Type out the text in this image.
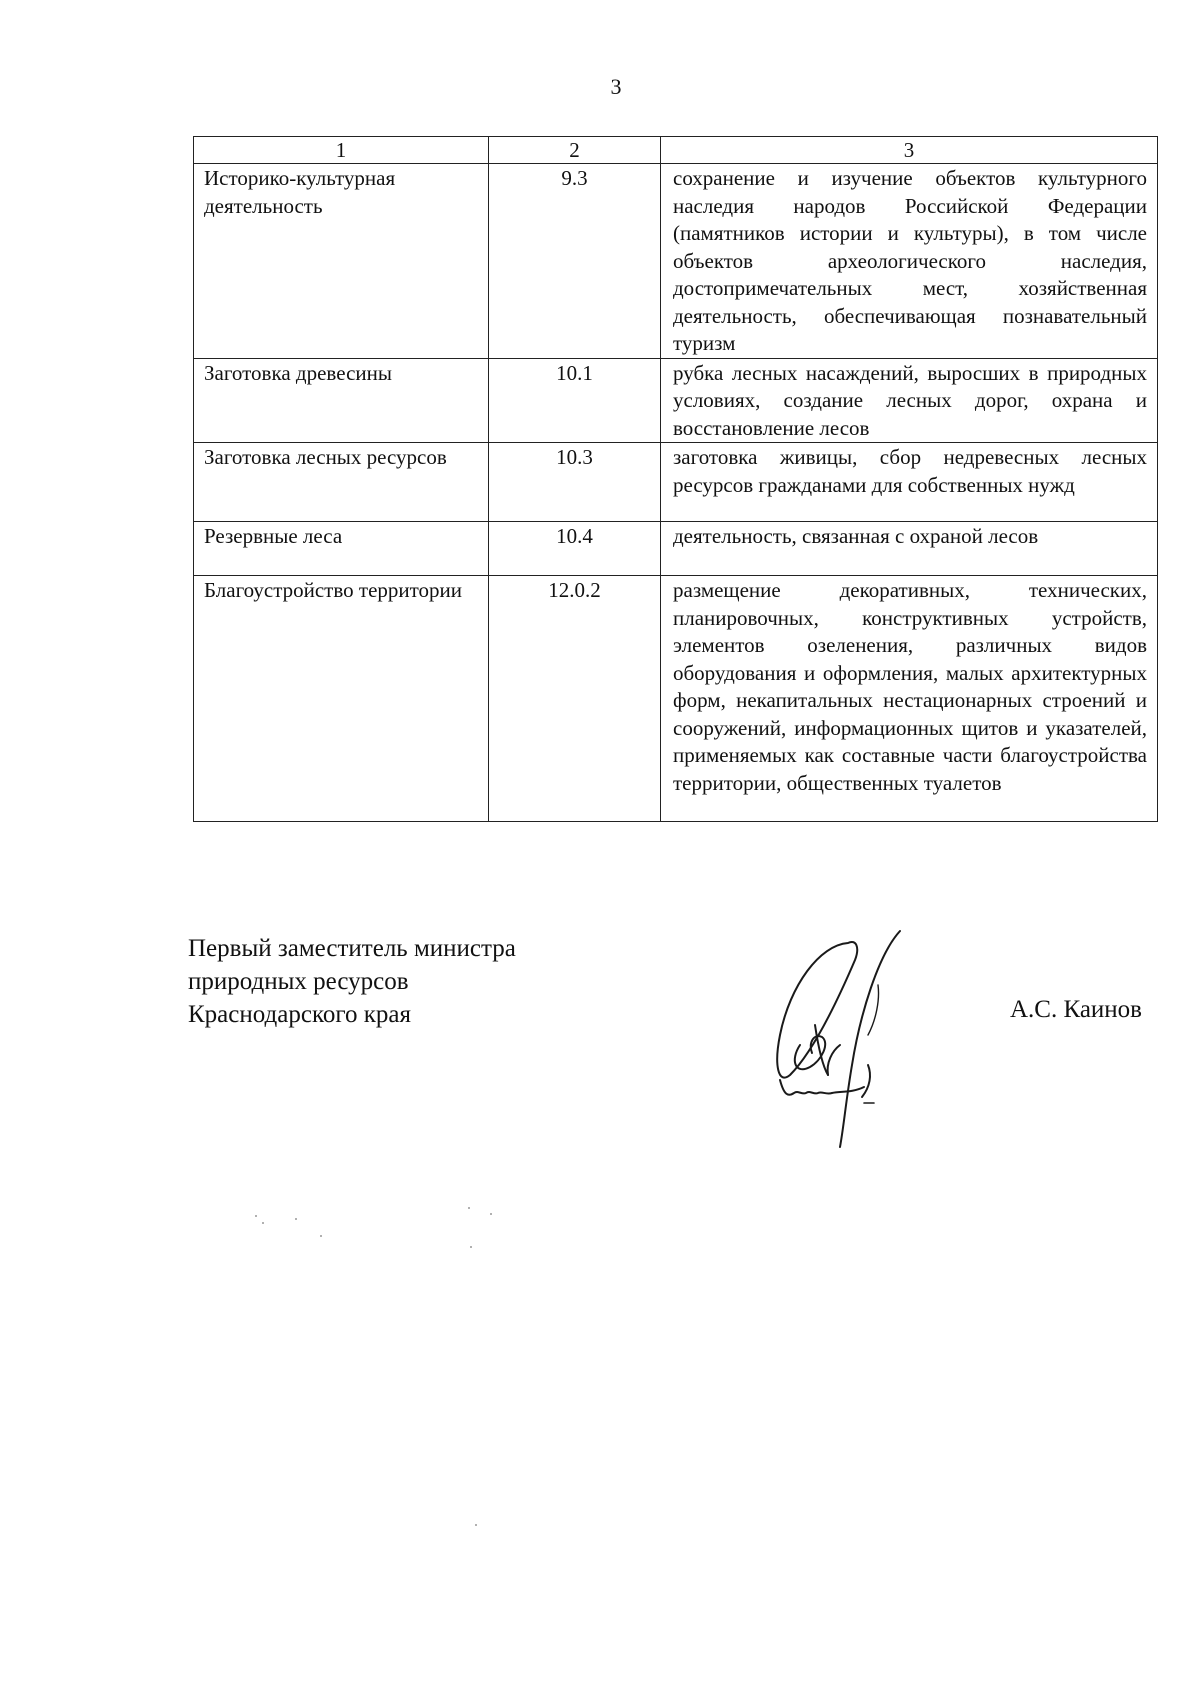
3
1	2	3
Историко-культурная деятельность	9.3	сохранение и изучение объектов культурного наследия народов Российской Федерации (памятников истории и культуры), в том числе объектов археологического наследия, достопримечательных мест, хозяйственная деятельность, обеспечивающая познавательный туризм
Заготовка древесины	10.1	рубка лесных насаждений, выросших в природных условиях, создание лесных дорог, охрана и восстановление лесов
Заготовка лесных ресурсов	10.3	заготовка живицы, сбор недревесных лесных ресурсов гражданами для собственных нужд
Резервные леса	10.4	деятельность, связанная с охраной лесов
Благоустройство территории	12.0.2	размещение декоративных, технических, планировочных, конструктивных устройств, элементов озеленения, различных видов оборудования и оформления, малых архитектурных форм, некапитальных нестационарных строений и сооружений, информационных щитов и указателей, применяемых как составные части благоустройства территории, общественных туалетов
Первый заместитель министра
природных ресурсов
Краснодарского края	А.С. Каинов
